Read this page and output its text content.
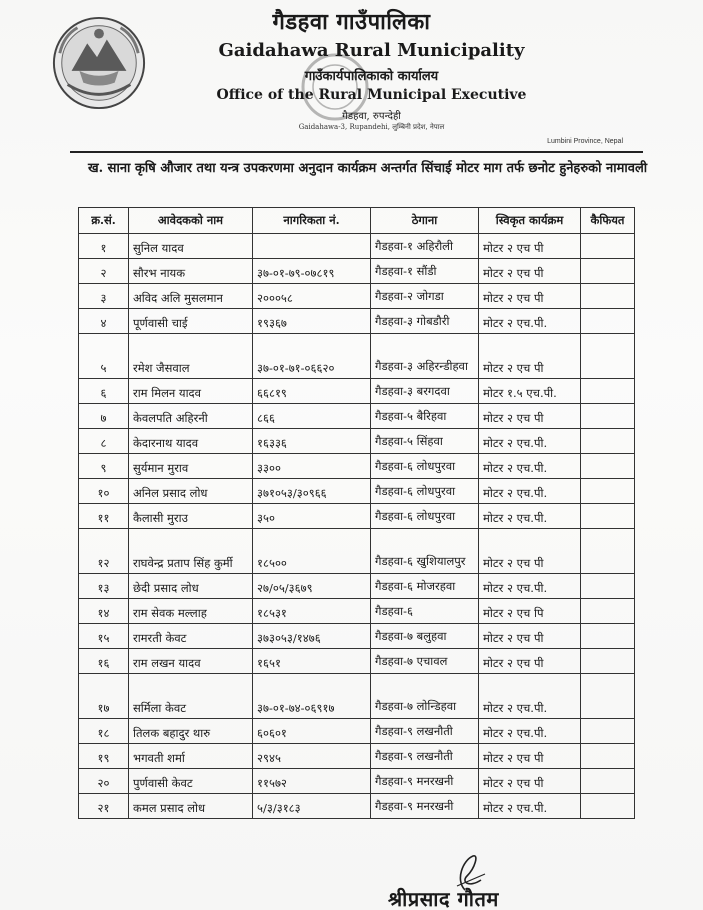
गैडहवा गाउँपालिका
Gaidahawa Rural Municipality
गाउँकार्यपालिकाको कार्यालय
Office of the Rural Municipal Executive
गैडहवा, रुपन्देही
Gaidahawa-3, Rupandehi, लुम्बिनी प्रदेश, नेपाल
Lumbini Province, Nepal
ख. साना कृषि औजार तथा यन्त्र उपकरणमा अनुदान कार्यक्रम अन्तर्गत सिंचाई मोटर माग तर्फ छनोट हुनेहरुको नामावली
क्र.सं.	आवेदकको नाम	नागरिकता नं.	ठेगाना	स्विकृत कार्यक्रम	कैफियत
१	सुनिल यादव		गैडहवा-१ अहिरौली	मोटर २ एच पी	
२	सौरभ नायक	३७-०१-७९-०७८१९	गैडहवा-१ सौंडी	मोटर २ एच पी	
३	अविद अलि मुसलमान	२०००५८	गैडहवा-२ जोगडा	मोटर २ एच पी	
४	पूर्णवासी चाई	१९३६७	गैडहवा-३ गोबडौरी	मोटर २ एच.पी.	
५	रमेश जैसवाल	३७-०१-७१-०६६२०	गैडहवा-३ अहिरन्डीहवा	मोटर २ एच पी	
६	राम मिलन यादव	६६८१९	गैडहवा-३ बरगदवा	मोटर १.५ एच.पी.	
७	केवलपति अहिरनी	८६६	गैडहवा-५ बैरिहवा	मोटर २ एच पी	
८	केदारनाथ यादव	१६३३६	गैडहवा-५ सिंहवा	मोटर २ एच.पी.	
९	सुर्यमान मुराव	३३००	गैडहवा-६ लोधपुरवा	मोटर २ एच.पी.	
१०	अनिल प्रसाद लोध	३७१०५३/३०९६६	गैडहवा-६ लोधपुरवा	मोटर २ एच.पी.	
११	कैलासी मुराउ	३५०	गैडहवा-६ लोधपुरवा	मोटर २ एच.पी.	
१२	राघवेन्द्र प्रताप सिंह कुर्मी	१८५००	गैडहवा-६ खुशियालपुर	मोटर २ एच पी	
१३	छेदी प्रसाद लोध	२७/०५/३६७९	गैडहवा-६ मोजरहवा	मोटर २ एच.पी.	
१४	राम सेवक मल्लाह	१८५३१	गैडहवा-६	मोटर २ एच पि	
१५	रामरती केवट	३७३०५३/१४७६	गैडहवा-७ बलुहवा	मोटर २ एच पी	
१६	राम लखन यादव	१६५१	गैडहवा-७ एचावल	मोटर २ एच पी	
१७	सर्मिला केवट	३७-०१-७४-०६९१७	गैडहवा-७ लोन्डिहवा	मोटर २ एच.पी.	
१८	तिलक बहादुर थारु	६०६०१	गैडहवा-९ लखनौती	मोटर २ एच.पी.	
१९	भगवती शर्मा	२९४५	गैडहवा-९ लखनौती	मोटर २ एच पी	
२०	पुर्णवासी केवट	११५७२	गैडहवा-९ मनरखनी	मोटर २ एच पी	
२१	कमल प्रसाद लोध	५/३/३१८३	गैडहवा-९ मनरखनी	मोटर २ एच.पी.	
श्रीप्रसाद गौतम
